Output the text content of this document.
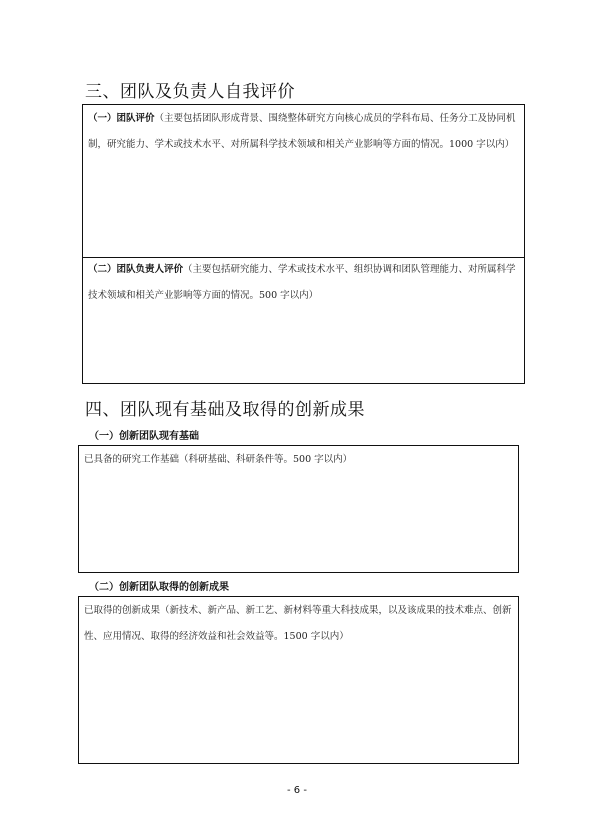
三、团队及负责人自我评价
（一）团队评价（主要包括团队形成背景、围绕整体研究方向核心成员的学科布局、任务分工及协同机制，研究能力、学术或技术水平、对所属科学技术领域和相关产业影响等方面的情况。1000 字以内）
（二）团队负责人评价（主要包括研究能力、学术或技术水平、组织协调和团队管理能力、对所属科学技术领域和相关产业影响等方面的情况。500 字以内）
四、团队现有基础及取得的创新成果
（一）创新团队现有基础
已具备的研究工作基础（科研基础、科研条件等。500 字以内）
（二）创新团队取得的创新成果
已取得的创新成果（新技术、新产品、新工艺、新材料等重大科技成果，以及该成果的技术难点、创新性、应用情况、取得的经济效益和社会效益等。1500 字以内）
- 6 -
